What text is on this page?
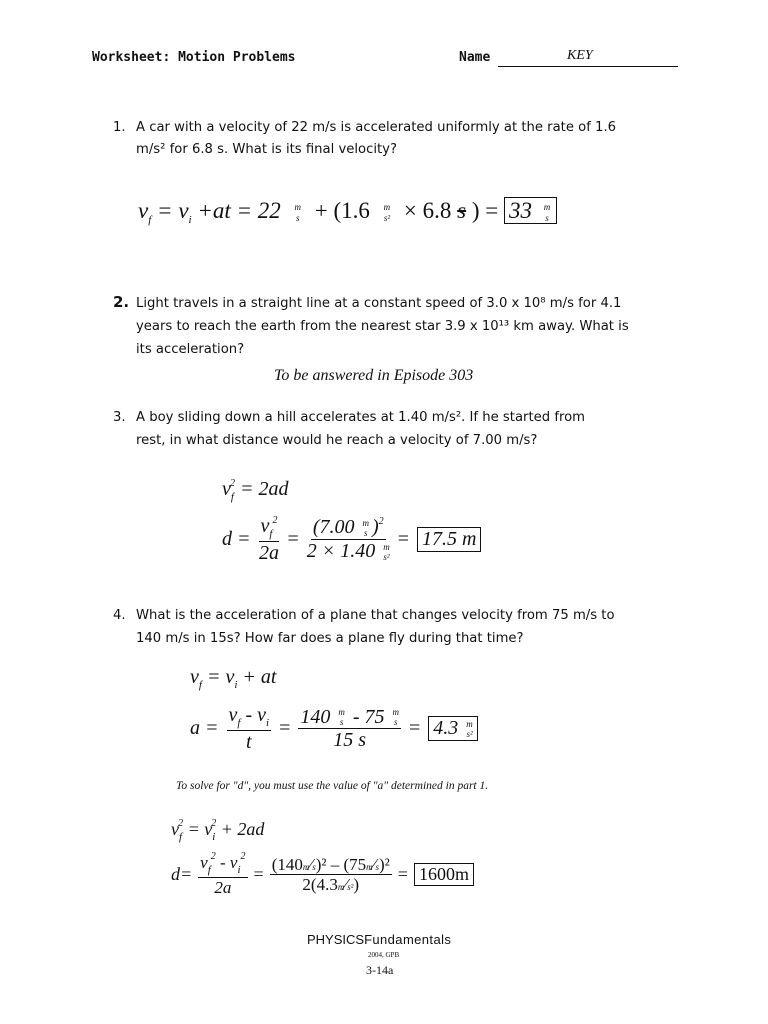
Worksheet: Motion Problems	Name	KEY
1. A car with a velocity of 22 m/s is accelerated uniformly at the rate of 1.6
m/s² for 6.8 s. What is its final velocity?
$v_f = v_i +at = 22$ m
s + (1.6 m
s² × 6.8 s ) = 33 m
s
2. Light travels in a straight line at a constant speed of 3.0 x 10⁸ m/s for 4.1
years to reach the earth from the nearest star 3.9 x 10¹³ km away. What is
its acceleration?
To be answered in Episode 303
3. A boy sliding down a hill accelerates at 1.40 m/s². If he started from
rest, in what distance would he reach a velocity of 7.00 m/s?
$v_f^2 = 2ad$
$d = \frac{v_f^2}{2a} = (7.00$ m
s )$^2$
2 × 1.40 m
s² = 17.5 m
4. What is the acceleration of a plane that changes velocity from 75 m/s to
140 m/s in 15s? How far does a plane fly during that time?
$v_f = v_i$ + at
$a = \frac{v_f - v_i}{t} = 140$ m
s - 75 m
s
15 s = 4.3 m
s²
To solve for "d", you must use the value of "a" determined in part 1.
$v_f^2 = v_i^2 + 2ad$
$d= \frac{v_f^2 - v_i^2}{2a} = \frac{\text{(140m⁄s)² – (75m⁄s)²}}{\text{2(4.3m⁄s²)}} = 1600m$
PHYSICSFundamentals
2004, GPB
3-14a
